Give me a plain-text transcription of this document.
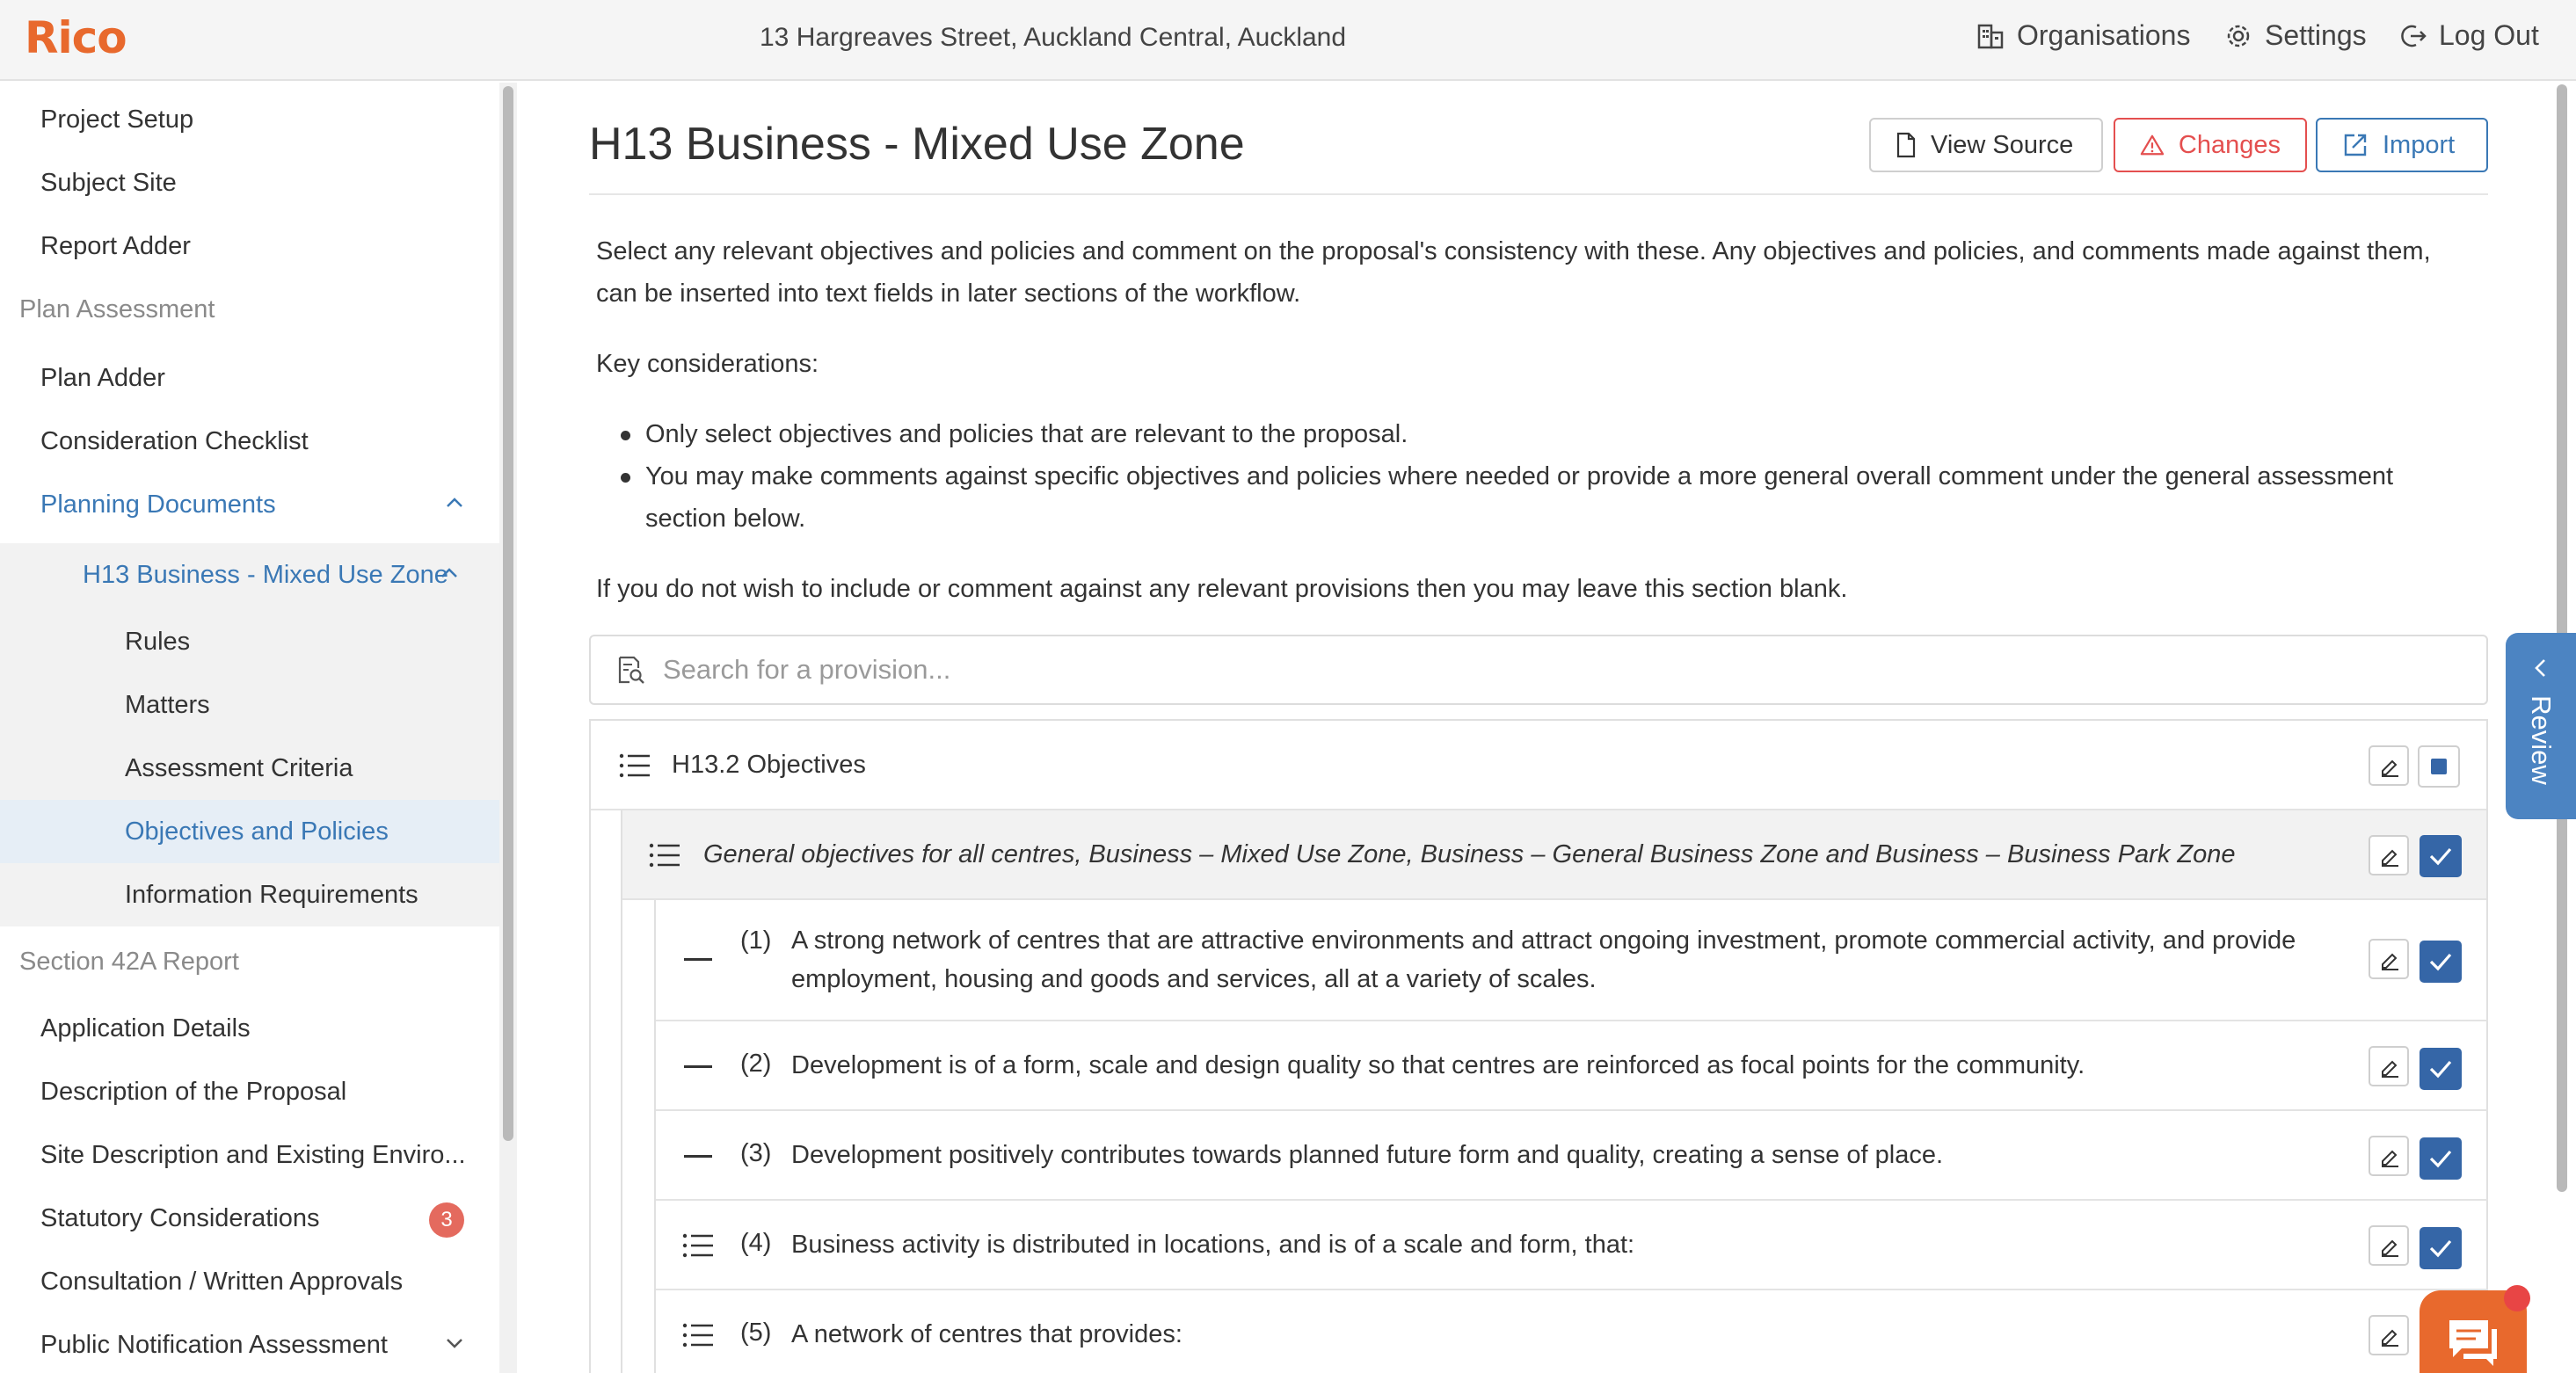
Rico	13 Hargreaves Street, Auckland Central, Auckland	Organisations	Settings	Log Out
Project Setup
Subject Site
Report Adder
Plan Assessment
Plan Adder
Consideration Checklist
Planning Documents
H13 Business - Mixed Use Zone
Rules
Matters
Assessment Criteria
Objectives and Policies
Information Requirements
Section 42A Report
Application Details
Description of the Proposal
Site Description and Existing Enviro...
Statutory Considerations	3
Consultation / Written Approvals
Public Notification Assessment
H13 Business - Mixed Use Zone	View Source	Changes	Import
Select any relevant objectives and policies and comment on the proposal's consistency with these. Any objectives and policies, and comments made against them,
can be inserted into text fields in later sections of the workflow.
Key considerations:
Only select objectives and policies that are relevant to the proposal.
You may make comments against specific objectives and policies where needed or provide a more general overall comment under the general assessment
section below.
If you do not wish to include or comment against any relevant provisions then you may leave this section blank.
Search for a provision...
H13.2 Objectives
General objectives for all centres, Business – Mixed Use Zone, Business – General Business Zone and Business – Business Park Zone
(1) A strong network of centres that are attractive environments and attract ongoing investment, promote commercial activity, and provide
employment, housing and goods and services, all at a variety of scales.
(2) Development is of a form, scale and design quality so that centres are reinforced as focal points for the community.
(3) Development positively contributes towards planned future form and quality, creating a sense of place.
(4) Business activity is distributed in locations, and is of a scale and form, that:
(5) A network of centres that provides:
Review
